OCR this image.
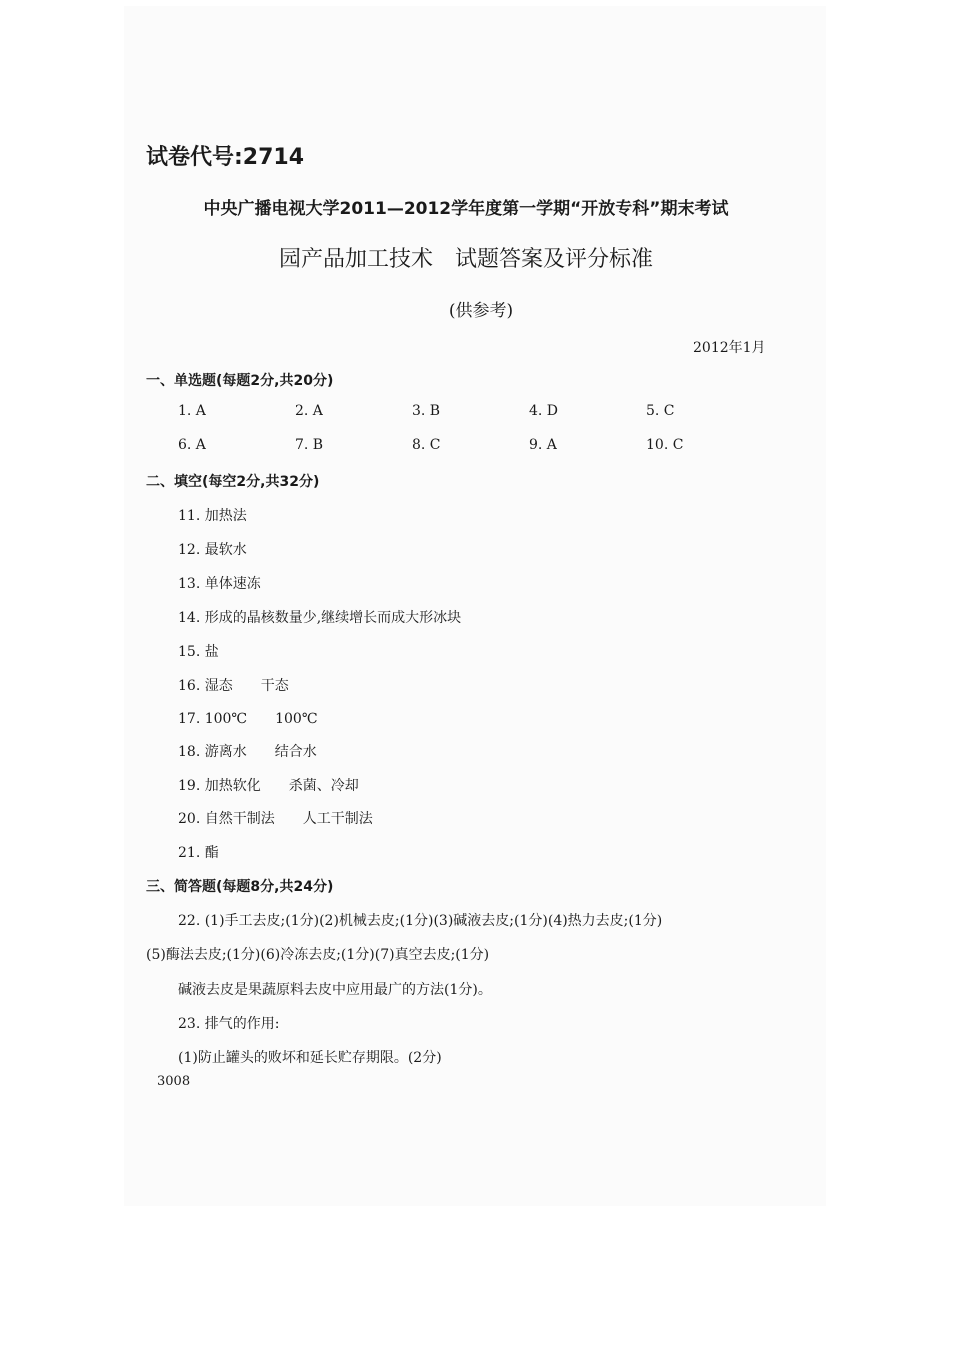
试卷代号:2714
中央广播电视大学2011—2012学年度第一学期“开放专科”期末考试
园产品加工技术　试题答案及评分标准
(供参考)
2012年1月
一、单选题(每题2分,共20分)
1. A	2. A	3. B	4. D	5. C
6. A	7. B	8. C	9. A	10. C
二、填空(每空2分,共32分)
11. 加热法
12. 最软水
13. 单体速冻
14. 形成的晶核数量少,继续增长而成大形冰块
15. 盐
16. 湿态　　干态
17. 100℃　　100℃
18. 游离水　　结合水
19. 加热软化　　杀菌、冷却
20. 自然干制法　　人工干制法
21. 酯
三、简答题(每题8分,共24分)
22. (1)手工去皮;(1分)(2)机械去皮;(1分)(3)碱液去皮;(1分)(4)热力去皮;(1分)
(5)酶法去皮;(1分)(6)冷冻去皮;(1分)(7)真空去皮;(1分)
碱液去皮是果蔬原料去皮中应用最广的方法(1分)。
23. 排气的作用:
(1)防止罐头的败坏和延长贮存期限。(2分)
3008
